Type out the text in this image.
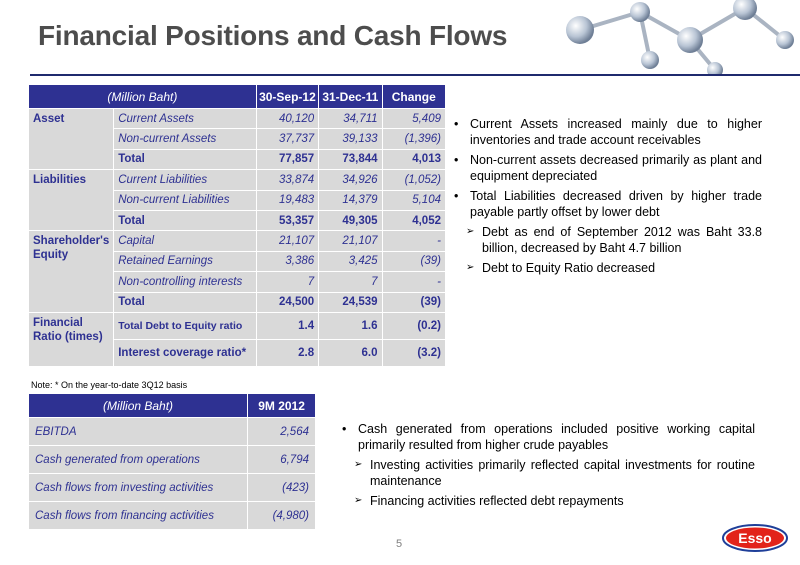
Financial Positions and Cash Flows
(Million Baht)		30-Sep-12	31-Dec-11	Change
Asset	Current Assets	40,120	34,711	5,409
	Non-current Assets	37,737	39,133	(1,396)
	Total	77,857	73,844	4,013
Liabilities	Current Liabilities	33,874	34,926	(1,052)
	Non-current Liabilities	19,483	14,379	5,104
	Total	53,357	49,305	4,052
Shareholder's Equity	Capital	21,107	21,107	-
	Retained Earnings	3,386	3,425	(39)
	Non-controlling interests	7	7	-
	Total	24,500	24,539	(39)
Financial Ratio (times)	Total Debt to Equity ratio	1.4	1.6	(0.2)
	Interest coverage ratio*	2.8	6.0	(3.2)
Note: * On the year-to-date 3Q12 basis
(Million Baht)	9M 2012
EBITDA	2,564
Cash generated from operations	6,794
Cash flows from investing activities	(423)
Cash flows from financing activities	(4,980)
• Current Assets increased mainly due to higher inventories and trade account receivables
• Non-current assets decreased primarily as plant and equipment depreciated
• Total Liabilities decreased driven by higher trade payable partly offset by lower debt
➢ Debt as end of September 2012 was Baht 33.8 billion, decreased by Baht 4.7 billion
➢ Debt to Equity Ratio decreased
• Cash generated from operations included positive working capital primarily resulted from higher crude payables
➢ Investing activities primarily reflected capital investments for routine maintenance
➢ Financing activities reflected debt repayments
5	Esso
